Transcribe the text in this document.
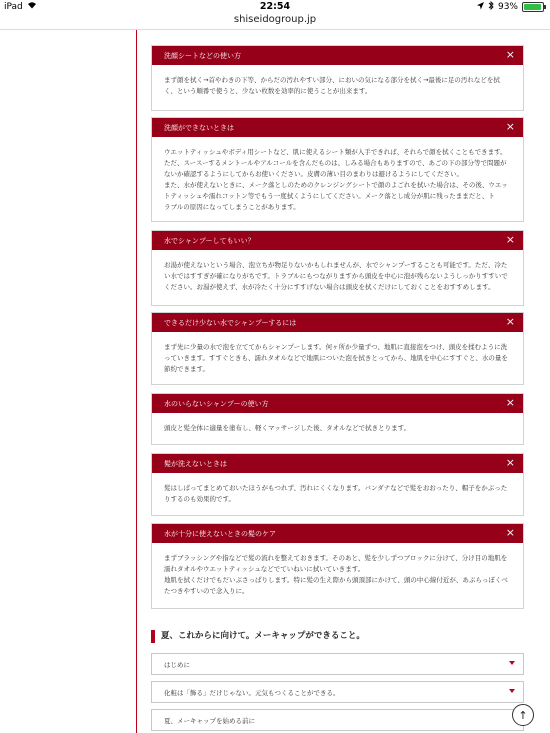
iPad	22:54	93%
shiseidogroup.jp
洗顔シートなどの使い方	×
まず顔を拭く→首やわきの下等、からだの汚れやすい部分、においの気になる部分を拭く→最後に足の汚れなどを拭
く、という順番で使うと、少ない枚数を効率的に使うことが出来ます。
洗顔ができないときは	×
ウエットティッシュやボディ用シートなど、肌に使えるシート類が入手できれば、それらで顔を拭くこともできます。
ただ、スースーするメントールやアルコールを含んだものは、しみる場合もありますので、あごの下の部分等で問題が
ないか確認するようにしてからお使いください。皮膚の薄い目のまわりは避けるようにしてください。
また、水が使えないときに、メーク落としのためのクレンジングシートで顔のよごれを拭いた場合は、その後、ウエッ
トティッシュや濡れコットン等でもう一度拭くようにしてください。メーク落とし成分が肌に残ったままだと、ト
ラブルの原因になってしまうことがあります。
水でシャンプーしてもいい？	×
お湯が使えないという場合、泡立ちが物足りないかもしれませんが、水でシャンプーすることも可能です。ただ、冷た
い水ではすすぎが確になりがちです。トラブルにもつながりますから頭皮を中心に泡が残らないようしっかりすすいで
ください。お湯が使えず、水が冷たく十分にすすげない場合は頭皮を拭くだけにしておくことをおすすめします。
できるだけ少ない水でシャンプーするには	×
まず先に少量の水で泡を立ててからシャンプーします。何ヶ所か少量ずつ、地肌に直接泡をつけ、頭皮を揉むように洗
っていきます。すすぐときも、濡れタオルなどで地肌についた泡を拭きとってから、地肌を中心にすすぐと、水の量を
節約できます。
水のいらないシャンプーの使い方	×
頭皮と髪全体に適量を塗布し、軽くマッサージした後、タオルなどで拭きとります。
髪が洗えないときは	×
髪はしばってまとめておいたほうがもつれず、汚れにくくなります。バンダナなどで髪をおおったり、帽子をかぶった
りするのも効果的です。
水が十分に使えないときの髪のケア	×
まずブラッシングや指などで髪の流れを整えておきます。そのあと、髪を少しずつブロックに分けて、分け目の地肌を
濡れタオルやウエットティッシュなどでていねいに拭いていきます。
地肌を拭くだけでもだいぶさっぱりします。特に髪の生え際から頭頂部にかけて、頭の中心線付近が、あぶらっぽくべ
たつきやすいので念入りに。
夏、これからに向けて。メーキャップができること。
はじめに
化粧は「飾る」だけじゃない。元気もつくることができる。
夏、メーキャップを始める前に	↑
